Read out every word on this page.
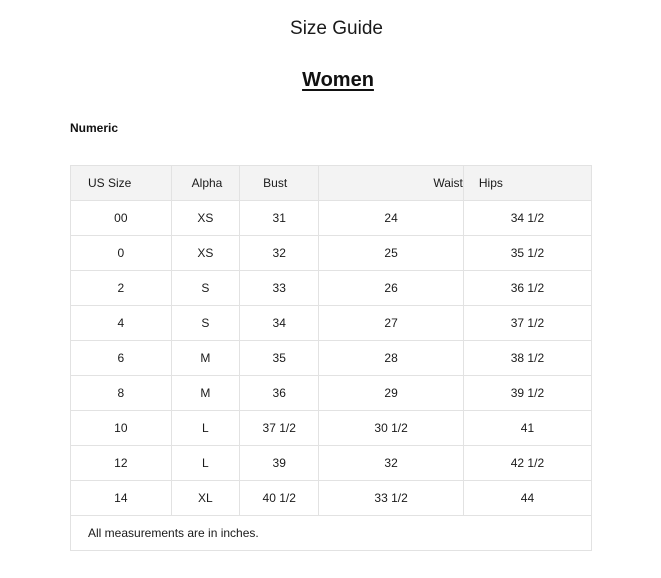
Size Guide
Women
Numeric
US Size	Alpha	Bust	Waist	Hips
00	XS	31	24	34 1/2
0	XS	32	25	35 1/2
2	S	33	26	36 1/2
4	S	34	27	37 1/2
6	M	35	28	38 1/2
8	M	36	29	39 1/2
10	L	37 1/2	30 1/2	41
12	L	39	32	42 1/2
14	XL	40 1/2	33 1/2	44
All measurements are in inches.				
